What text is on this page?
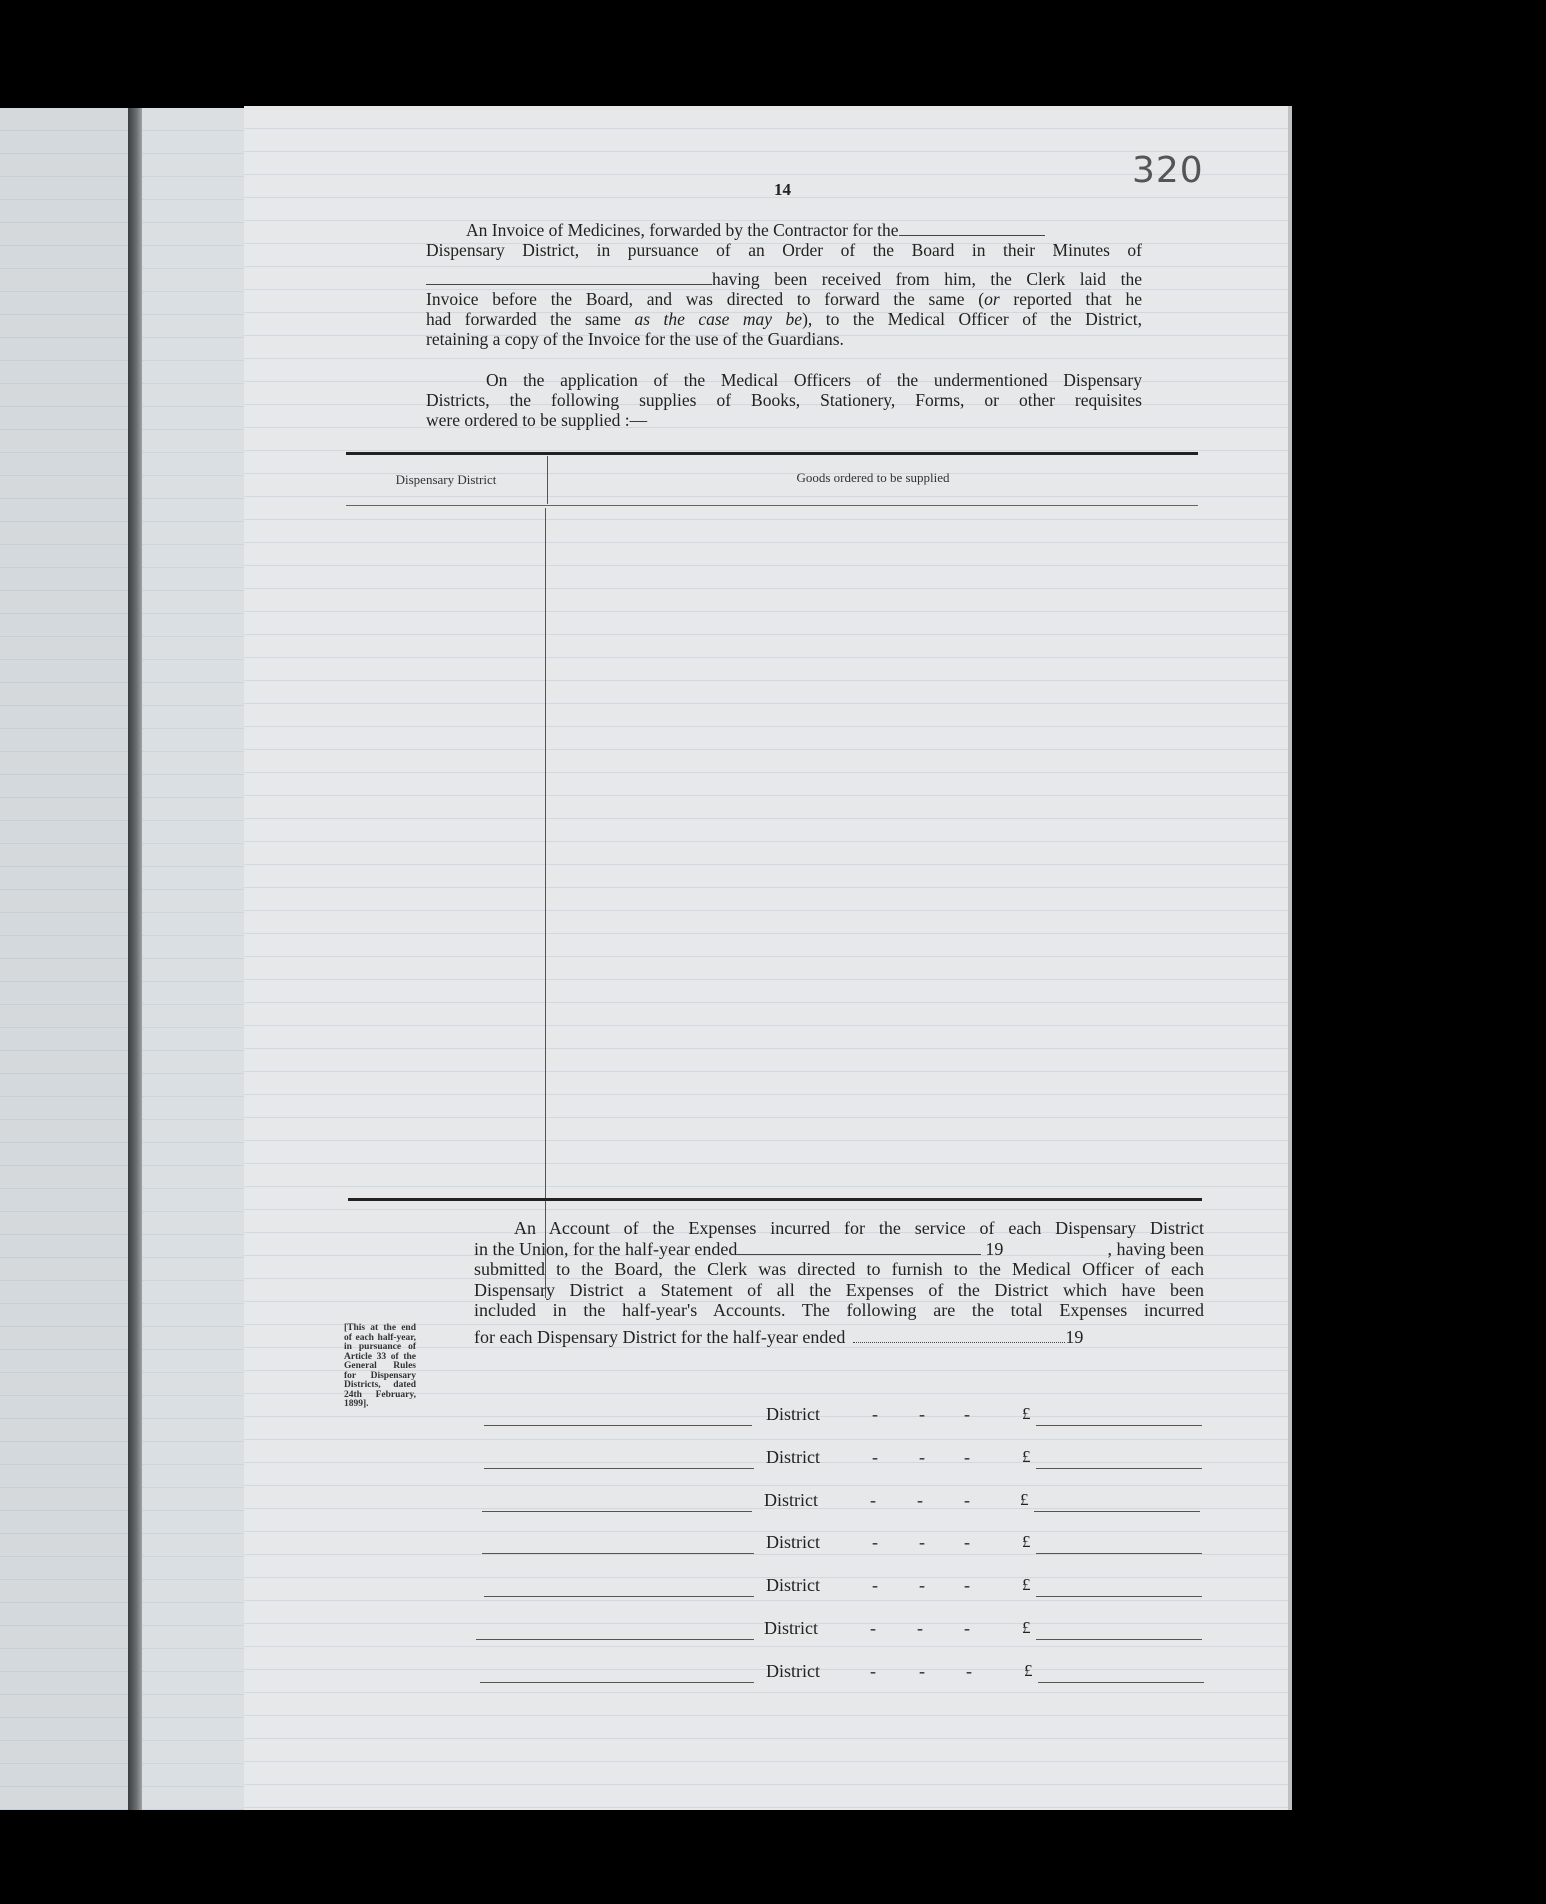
320
14
An Invoice of Medicines, forwarded by the Contractor for the
Dispensary District, in pursuance of an Order of the Board in their Minutes of
having been received from him, the Clerk laid the
Invoice before the Board, and was directed to forward the same (or reported that he
had forwarded the same as the case may be), to the Medical Officer of the District,
retaining a copy of the Invoice for the use of the Guardians.
On the application of the Medical Officers of the undermentioned Dispensary
Districts, the following supplies of Books, Stationery, Forms, or other requisites
were ordered to be supplied :—
Dispensary District	Goods ordered to be supplied
[This at the end of each half-year, in pursuance of Article 33 of the General Rules for Dispensary Districts, dated 24th February, 1899].
An Account of the Expenses incurred for the service of each Dispensary District
in the Union, for the half-year ended	19	, having been
submitted to the Board, the Clerk was directed to furnish to the Medical Officer of each
Dispensary District a Statement of all the Expenses of the District which have been
included in the half-year's Accounts. The following are the total Expenses incurred
for each Dispensary District for the half-year ended	19
District	- - -	£
District	- - -	£
District	- - -	£
District	- - -	£
District	- - -	£
District	- - -	£
District	- - -	£
